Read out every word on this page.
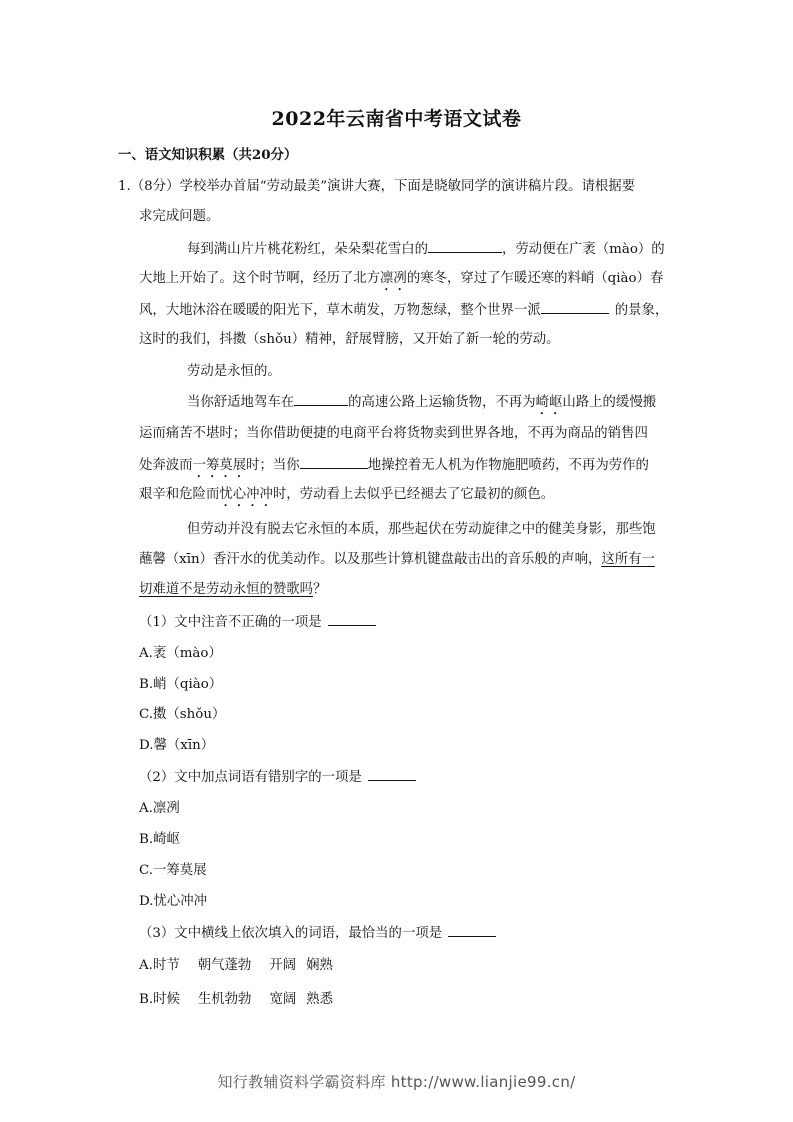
2022年云南省中考语文试卷
一、语文知识积累（共20分）
1.（8分）学校举办首届“劳动最美”演讲大赛，下面是晓敏同学的演讲稿片段。请根据要
求完成问题。
每到满山片片桃花粉红，朵朵梨花雪白的	，劳动便在广袤（mào）的
大地上开始了。这个时节啊，经历了北方凛冽的寒冬，穿过了乍暖还寒的料峭（qiào）春
风，大地沐浴在暖暖的阳光下，草木萌发，万物葱绿，整个世界一派	的景象，
这时的我们，抖擞（shǒu）精神，舒展臂膀，又开始了新一轮的劳动。
劳动是永恒的。
当你舒适地驾车在	的高速公路上运输货物，不再为崎岖山路上的缓慢搬
运而痛苦不堪时；当你借助便捷的电商平台将货物卖到世界各地，不再为商品的销售四
处奔波而一筹莫展时；当你	地操控着无人机为作物施肥喷药，不再为劳作的
艰辛和危险而忧心冲冲时，劳动看上去似乎已经褪去了它最初的颜色。
但劳动并没有脱去它永恒的本质，那些起伏在劳动旋律之中的健美身影，那些饱
蘸馨（xīn）香汗水的优美动作。以及那些计算机键盘敲击出的音乐般的声响，这所有一
切难道不是劳动永恒的赞歌吗？
（1）文中注音不正确的一项是
A.袤（mào）
B.峭（qiào）
C.擞（shǒu）
D.馨（xīn）
（2）文中加点词语有错别字的一项是
A.凛冽
B.崎岖
C.一筹莫展
D.忧心冲冲
（3）文中横线上依次填入的词语，最恰当的一项是
A.时节 朝气蓬勃 开阔 娴熟
B.时候 生机勃勃 宽阔 熟悉
知行教辅资料学霸资料库 http://www.lianjie99.cn/
